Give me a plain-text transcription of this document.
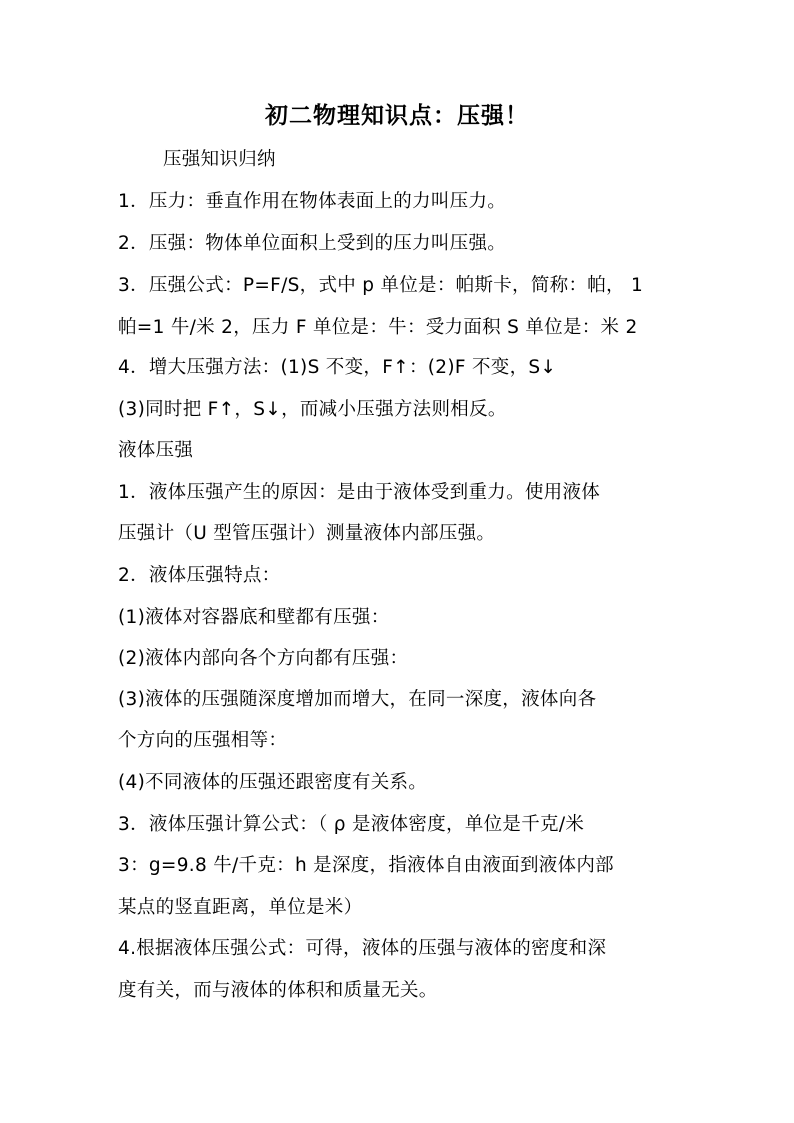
初二物理知识点：压强！
压强知识归纳
1．压力：垂直作用在物体表面上的力叫压力。
2．压强：物体单位面积上受到的压力叫压强。
3．压强公式：P=F/S，式中 p 单位是：帕斯卡，简称：帕， 1
帕=1 牛/米 2，压力 F 单位是：牛：受力面积 S 单位是：米 2
4．增大压强方法：(1)S 不变，F↑：(2)F 不变，S↓
(3)同时把 F↑，S↓，而减小压强方法则相反。
液体压强
1．液体压强产生的原因：是由于液体受到重力。使用液体
压强计（U 型管压强计）测量液体内部压强。
2．液体压强特点：
(1)液体对容器底和壁都有压强：
(2)液体内部向各个方向都有压强：
(3)液体的压强随深度增加而增大，在同一深度，液体向各
个方向的压强相等：
(4)不同液体的压强还跟密度有关系。
3．液体压强计算公式：（ ρ 是液体密度，单位是千克/米
3：g=9.8 牛/千克：h 是深度，指液体自由液面到液体内部
某点的竖直距离，单位是米）
4.根据液体压强公式：可得，液体的压强与液体的密度和深
度有关，而与液体的体积和质量无关。
